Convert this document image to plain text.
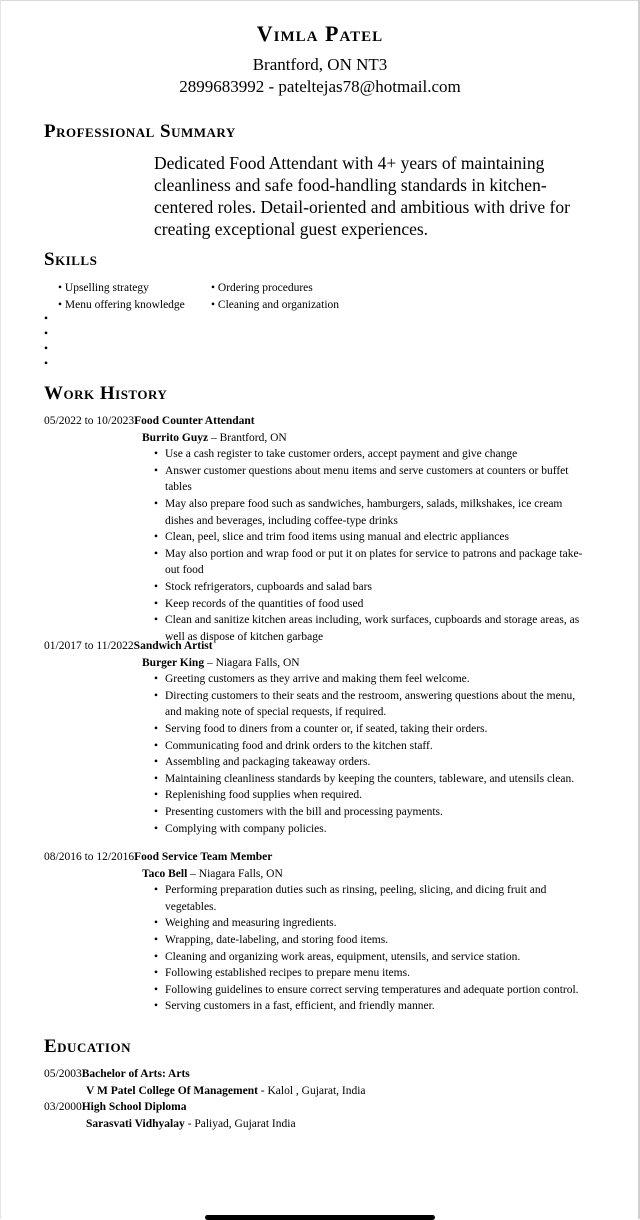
Vimla Patel
Brantford, ON NT3
2899683992 - pateltejas78@hotmail.com
Professional Summary
Dedicated Food Attendant with 4+ years of maintaining cleanliness and safe food-handling standards in kitchen-centered roles. Detail-oriented and ambitious with drive for creating exceptional guest experiences.
Skills
• Upselling strategy
• Menu offering knowledge
• Ordering procedures
• Cleaning and organization
•
•
•
•
Work History
05/2022 to 10/2023Food Counter Attendant
Burrito Guyz – Brantford, ON
• Use a cash register to take customer orders, accept payment and give change
• Answer customer questions about menu items and serve customers at counters or buffet tables
• May also prepare food such as sandwiches, hamburgers, salads, milkshakes, ice cream dishes and beverages, including coffee-type drinks
• Clean, peel, slice and trim food items using manual and electric appliances
• May also portion and wrap food or put it on plates for service to patrons and package take-out food
• Stock refrigerators, cupboards and salad bars
• Keep records of the quantities of food used
• Clean and sanitize kitchen areas including, work surfaces, cupboards and storage areas, as well as dispose of kitchen garbage
01/2017 to 11/2022Sandwich Artist
Burger King – Niagara Falls, ON
• Greeting customers as they arrive and making them feel welcome.
• Directing customers to their seats and the restroom, answering questions about the menu, and making note of special requests, if required.
• Serving food to diners from a counter or, if seated, taking their orders.
• Communicating food and drink orders to the kitchen staff.
• Assembling and packaging takeaway orders.
• Maintaining cleanliness standards by keeping the counters, tableware, and utensils clean.
• Replenishing food supplies when required.
• Presenting customers with the bill and processing payments.
• Complying with company policies.
08/2016 to 12/2016Food Service Team Member
Taco Bell – Niagara Falls, ON
• Performing preparation duties such as rinsing, peeling, slicing, and dicing fruit and vegetables.
• Weighing and measuring ingredients.
• Wrapping, date-labeling, and storing food items.
• Cleaning and organizing work areas, equipment, utensils, and service station.
• Following established recipes to prepare menu items.
• Following guidelines to ensure correct serving temperatures and adequate portion control.
• Serving customers in a fast, efficient, and friendly manner.
Education
05/2003Bachelor of Arts: Arts
V M Patel College Of Management - Kalol , Gujarat, India
03/2000High School Diploma
Sarasvati Vidhyalay - Paliyad, Gujarat India
